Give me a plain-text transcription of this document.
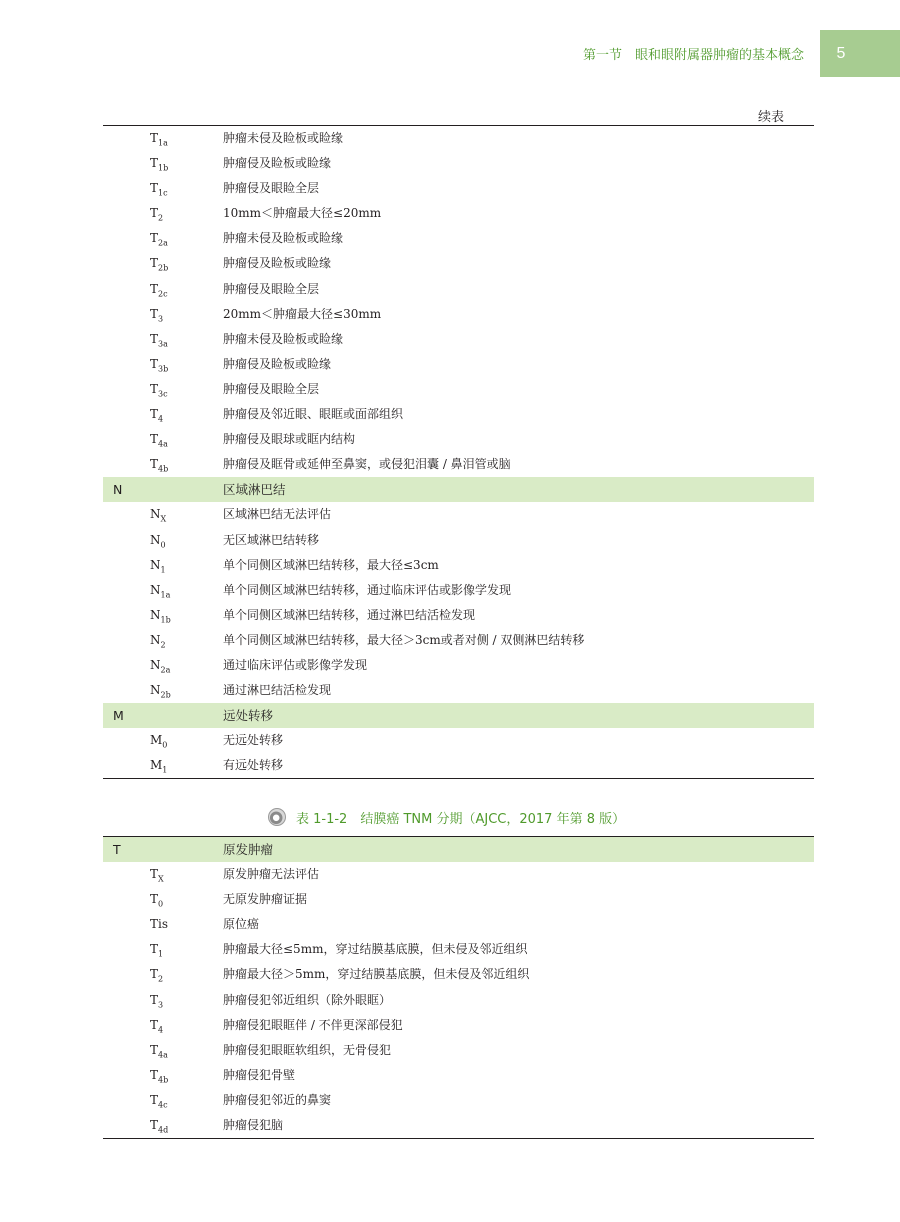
第一节　眼和眼附属器肿瘤的基本概念 5
续表
$T_{1a}$	肿瘤未侵及睑板或睑缘
$T_{1b}$	肿瘤侵及睑板或睑缘
$T_{1c}$	肿瘤侵及眼睑全层
$T_2$	10mm＜肿瘤最大径≤20mm
$T_{2a}$	肿瘤未侵及睑板或睑缘
$T_{2b}$	肿瘤侵及睑板或睑缘
$T_{2c}$	肿瘤侵及眼睑全层
$T_3$	20mm＜肿瘤最大径≤30mm
$T_{3a}$	肿瘤未侵及睑板或睑缘
$T_{3b}$	肿瘤侵及睑板或睑缘
$T_{3c}$	肿瘤侵及眼睑全层
$T_4$	肿瘤侵及邻近眼、眼眶或面部组织
$T_{4a}$	肿瘤侵及眼球或眶内结构
$T_{4b}$	肿瘤侵及眶骨或延伸至鼻窦，或侵犯泪囊 / 鼻泪管或脑
N	区域淋巴结
$N_X$	区域淋巴结无法评估
$N_0$	无区域淋巴结转移
$N_1$	单个同侧区域淋巴结转移，最大径≤3cm
$N_{1a}$	单个同侧区域淋巴结转移，通过临床评估或影像学发现
$N_{1b}$	单个同侧区域淋巴结转移，通过淋巴结活检发现
$N_2$	单个同侧区域淋巴结转移，最大径＞3cm或者对侧 / 双侧淋巴结转移
$N_{2a}$	通过临床评估或影像学发现
$N_{2b}$	通过淋巴结活检发现
M	远处转移
$M_0$	无远处转移
$M_1$	有远处转移
表 1-1-2　结膜癌 TNM 分期（AJCC，2017 年第 8 版）
T	原发肿瘤
$T_X$	原发肿瘤无法评估
$T_0$	无原发肿瘤证据
Tis	原位癌
$T_1$	肿瘤最大径≤5mm，穿过结膜基底膜，但未侵及邻近组织
$T_2$	肿瘤最大径＞5mm，穿过结膜基底膜，但未侵及邻近组织
$T_3$	肿瘤侵犯邻近组织（除外眼眶）
$T_4$	肿瘤侵犯眼眶伴 / 不伴更深部侵犯
$T_{4a}$	肿瘤侵犯眼眶软组织，无骨侵犯
$T_{4b}$	肿瘤侵犯骨壁
$T_{4c}$	肿瘤侵犯邻近的鼻窦
$T_{4d}$	肿瘤侵犯脑
